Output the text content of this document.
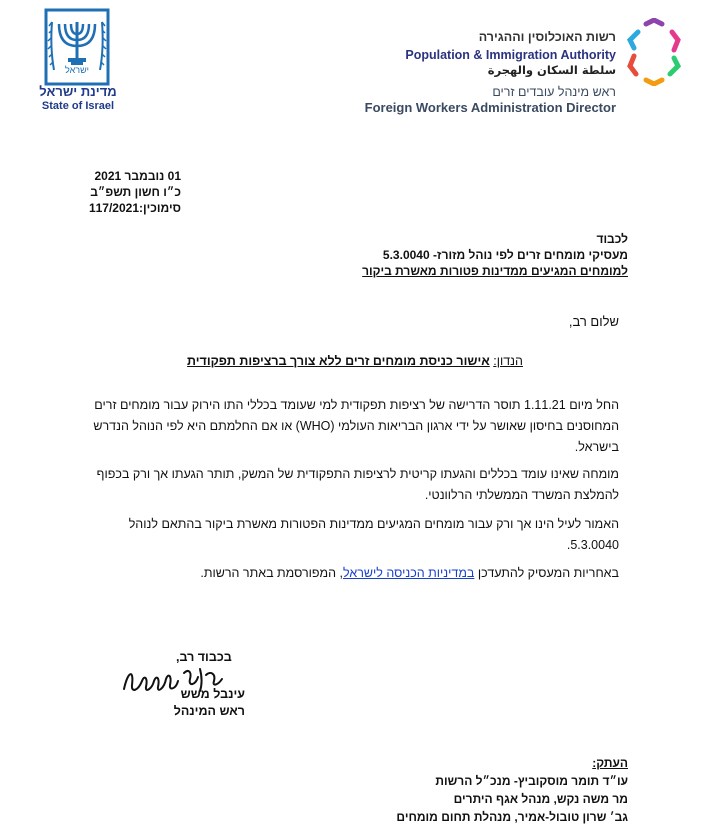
ישראל
מדינת ישראל
State of Israel
רשות האוכלוסין וההגירה
Population & Immigration Authority
سلطة السكان والهجرة
ראש מינהל עובדים זרים
Foreign Workers Administration Director
01 נובמבר 2021
כ״ו חשון תשפ״ב
סימוכין:117/2021
לכבוד
מעסיקי מומחים זרים לפי נוהל מזורז- 5.3.0040
למומחים המגיעים ממדינות פטורות מאשרת ביקור
שלום רב,
הנדון: אישור כניסת מומחים זרים ללא צורך ברציפות תפקודית
החל מיום 1.11.21 תוסר הדרישה של רציפות תפקודית למי שעומד בכללי התו הירוק עבור מומחים זרים המחוסנים בחיסון שאושר על ידי ארגון הבריאות העולמי (WHO) או אם החלמתם היא לפי הנוהל הנדרש בישראל.
מומחה שאינו עומד בכללים והגעתו קריטית לרציפות התפקודית של המשק, תותר הגעתו אך ורק בכפוף להמלצת המשרד הממשלתי הרלוונטי.
האמור לעיל הינו אך ורק עבור מומחים המגיעים ממדינות הפטורות מאשרת ביקור בהתאם לנוהל 5.3.0040.
באחריות המעסיק להתעדכן במדיניות הכניסה לישראל, המפורסמת באתר הרשות.
בכבוד רב,
עינבל משש
ראש המינהל
העתק:
עו״ד תומר מוסקוביץ- מנכ״ל הרשות
מר משה נקש, מנהל אגף היתרים
גב׳ שרון טובול-אמיר, מנהלת תחום מומחים
